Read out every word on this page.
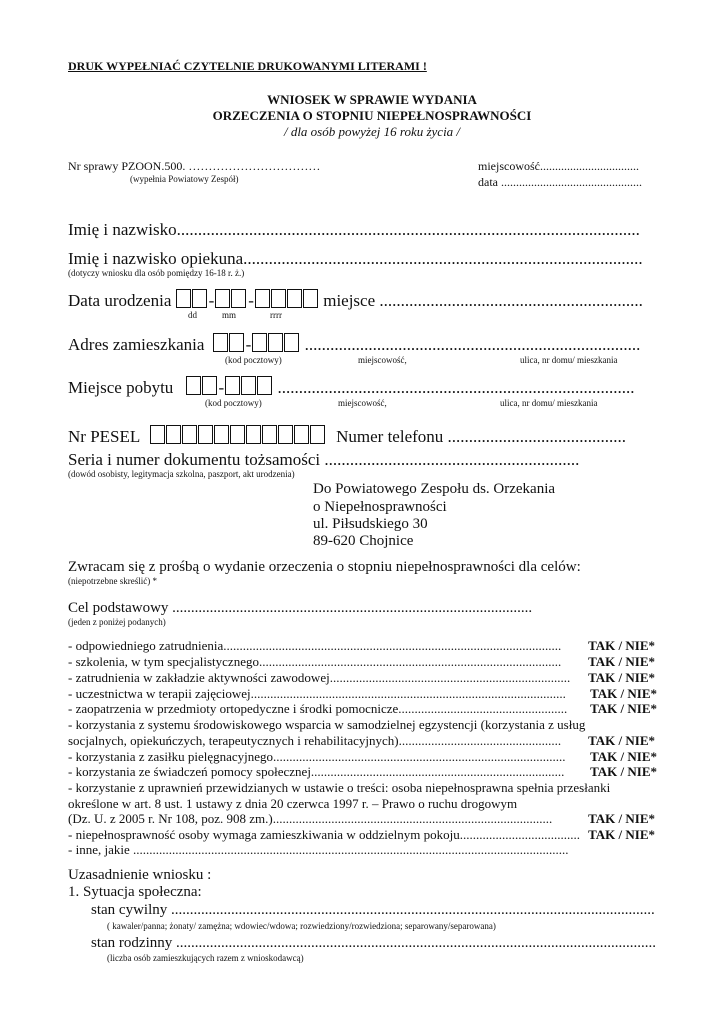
DRUK WYPEŁNIAĆ CZYTELNIE DRUKOWANYMI LITERAMI !
WNIOSEK W SPRAWIE WYDANIA
ORZECZENIA O STOPNIU NIEPEŁNOSPRAWNOŚCI
/ dla osób powyżej 16 roku życia /
Nr sprawy PZOON.500. ……………………………
(wypełnia Powiatowy Zespół)
miejscowość.................................
data ...............................................
Imię i nazwisko.............................................................................................................
Imię i nazwisko opiekuna..............................................................................................
(dotyczy wniosku dla osób pomiędzy 16-18 r. ż.)
Data urodzenia - -	miejsce ..............................................................
dd	mm	rrrr
Adres zamieszkania -	...............................................................................
(kod pocztowy)	miejscowość,	ulica, nr domu/ mieszkania
Miejsce pobytu	-	....................................................................................
(kod pocztowy)	miejscowość,	ulica, nr domu/ mieszkania
Nr PESEL	Numer telefonu ..........................................
Seria i numer dokumentu tożsamości ............................................................
(dowód osobisty, legitymacja szkolna, paszport, akt urodzenia)
Do Powiatowego Zespołu ds. Orzekania
o Niepełnosprawności
ul. Piłsudskiego 30
89-620 Chojnice
Zwracam się z prośbą o wydanie orzeczenia o stopniu niepełnosprawności dla celów:
(niepotrzebne skreślić) *
Cel podstawowy ................................................................................................
(jeden z poniżej podanych)
- odpowiedniego zatrudnienia........................................................................................................ TAK / NIE*
- szkolenia, w tym specjalistycznego............................................................................................. TAK / NIE*
- zatrudnienia w zakładzie aktywności zawodowej.......................................................................... TAK / NIE*
- uczestnictwa w terapii zajęciowej................................................................................................. TAK / NIE*
- zaopatrzenia w przedmioty ortopedyczne i środki pomocnicze.................................................... TAK / NIE*
- korzystania z systemu środowiskowego wsparcia w samodzielnej egzystencji (korzystania z usług
socjalnych, opiekuńczych, terapeutycznych i rehabilitacyjnych).................................................. TAK / NIE*
- korzystania z zasiłku pielęgnacyjnego.......................................................................................... TAK / NIE*
- korzystania ze świadczeń pomocy społecznej.............................................................................. TAK / NIE*
- korzystanie z uprawnień przewidzianych w ustawie o treści: osoba niepełnosprawna spełnia przesłanki
określone w art. 8 ust. 1 ustawy z dnia 20 czerwca 1997 r. – Prawo o ruchu drogowym
(Dz. U. z 2005 r. Nr 108, poz. 908 zm.)......................................................................................	TAK / NIE*
- niepełnosprawność osoby wymaga zamieszkiwania w oddzielnym pokoju..................................... TAK / NIE*
- inne, jakie ......................................................................................................................................
Uzasadnienie wniosku :
1. Sytuacja społeczna:
stan cywilny .................................................................................................................................
( kawaler/panna; żonaty/ zamężna; wdowiec/wdowa; rozwiedziony/rozwiedziona; separowany/separowana)
stan rodzinny ................................................................................................................................
(liczba osób zamieszkujących razem z wnioskodawcą)
